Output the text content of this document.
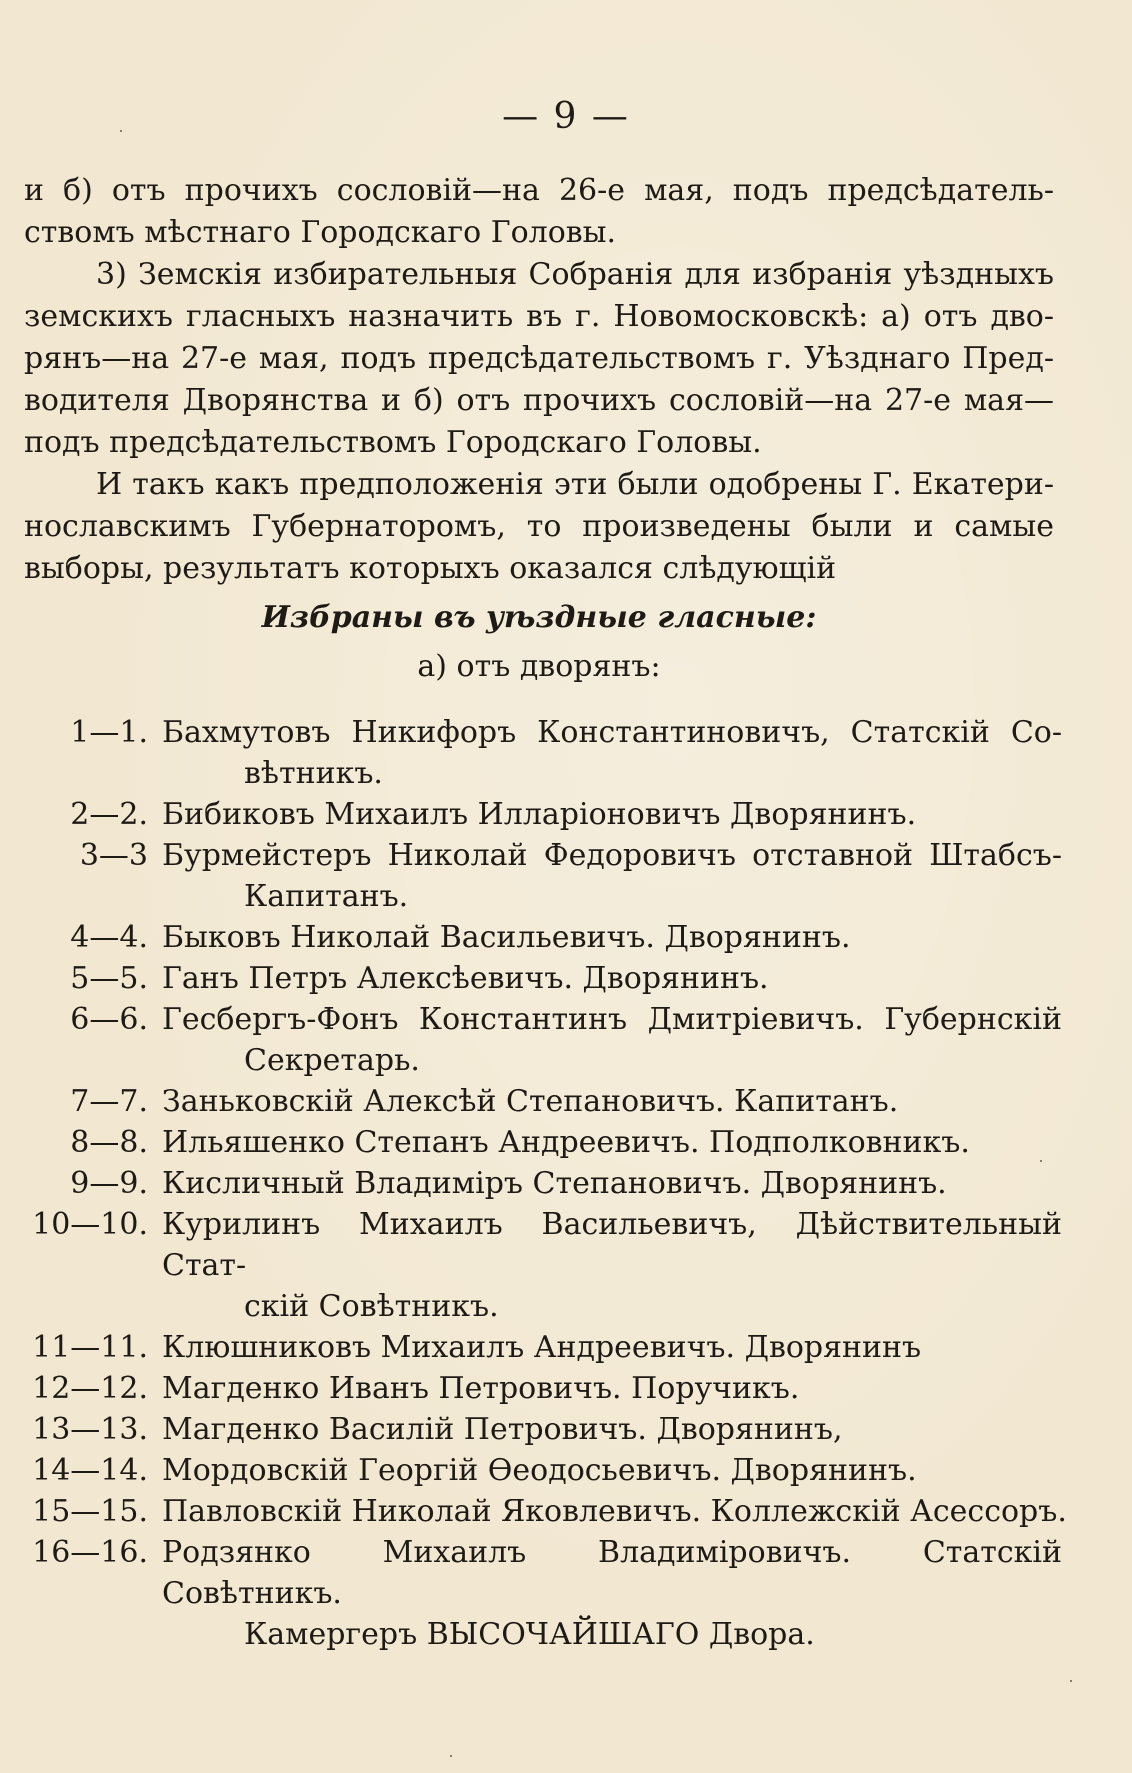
— 9 —
и б) отъ прочихъ сословій—на 26-е мая, подъ предсѣдатель-
ствомъ мѣстнаго Городскаго Головы.
3) Земскія избирательныя Собранія для избранія уѣздныхъ
земскихъ гласныхъ назначить въ г. Новомосковскѣ: а) отъ дво-
рянъ—на 27-е мая, подъ предсѣдательствомъ г. Уѣзднаго Пред-
водителя Дворянства и б) отъ прочихъ сословій—на 27-е мая—
подъ предсѣдательствомъ Городскаго Головы.
И такъ какъ предположенія эти были одобрены Г. Екатери-
нославскимъ Губернаторомъ, то произведены были и самые
выборы, результатъ которыхъ оказался слѣдующій
Избраны въ уѣздные гласные:
а) отъ дворянъ:
1—1. Бахмутовъ Никифоръ Константиновичъ, Статскій Со-
вѣтникъ.
2—2. Бибиковъ Михаилъ Илларіоновичъ Дворянинъ.
3—3 Бурмейстеръ Николай Федоровичъ отставной Штабсъ-
Капитанъ.
4—4. Быковъ Николай Васильевичъ. Дворянинъ.
5—5. Ганъ Петръ Алексѣевичъ. Дворянинъ.
6—6. Гесбергъ-Фонъ Константинъ Дмитріевичъ. Губернскій
Секретарь.
7—7. Заньковскій Алексѣй Степановичъ. Капитанъ.
8—8. Ильяшенко Степанъ Андреевичъ. Подполковникъ.
9—9. Кисличный Владиміръ Степановичъ. Дворянинъ.
10—10. Курилинъ Михаилъ Васильевичъ, Дѣйствительный Стат-
скій Совѣтникъ.
11—11. Клюшниковъ Михаилъ Андреевичъ. Дворянинъ
12—12. Магденко Иванъ Петровичъ. Поручикъ.
13—13. Магденко Василій Петровичъ. Дворянинъ,
14—14. Мордовскій Георгій Ѳеодосьевичъ. Дворянинъ.
15—15. Павловскій Николай Яковлевичъ. Коллежскій Асессоръ.
16—16. Родзянко Михаилъ Владиміровичъ. Статскій Совѣтникъ.
Камергеръ ВЫСОЧАЙШАГО Двора.
